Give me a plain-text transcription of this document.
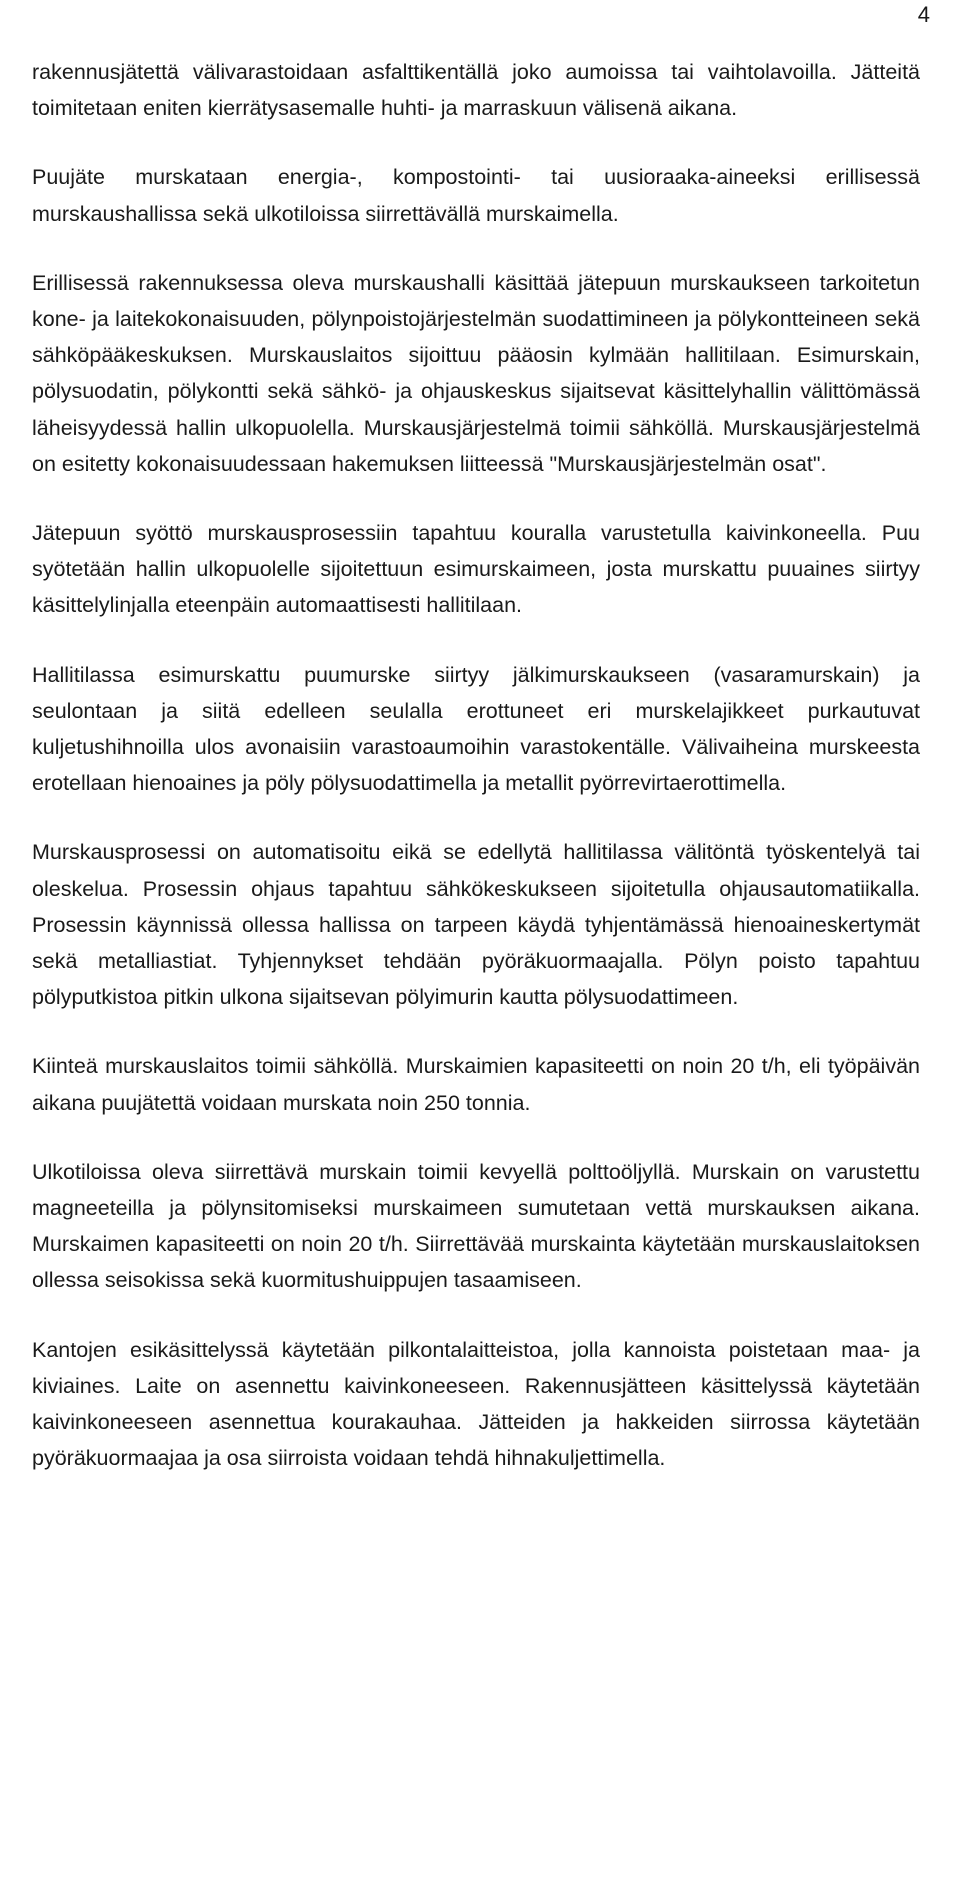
4

rakennusjätettä välivarastoidaan asfalttikentällä joko aumoissa tai vaihtolavoilla. Jätteitä toimitetaan eniten kierrätysasemalle huhti- ja marraskuun välisenä aikana.

Puujäte murskataan energia-, kompostointi- tai uusioraaka-aineeksi erillisessä murskaushallissa sekä ulkotiloissa siirrettävällä murskaimella.

Erillisessä rakennuksessa oleva murskaushalli käsittää jätepuun murskaukseen tarkoitetun kone- ja laitekokonaisuuden, pölynpoistojärjestelmän suodattimineen ja pölykontteineen sekä sähköpääkeskuksen. Murskauslaitos sijoittuu pääosin kylmään hallitilaan. Esimurskain, pölysuodatin, pölykontti sekä sähkö- ja ohjauskeskus sijaitsevat käsittelyhallin välittömässä läheisyydessä hallin ulkopuolella. Murskausjärjestelmä toimii sähköllä. Murskausjärjestelmä on esitetty kokonaisuudessaan hakemuksen liitteessä "Murskausjärjestelmän osat".

Jätepuun syöttö murskausprosessiin tapahtuu kouralla varustetulla kaivinkoneella. Puu syötetään hallin ulkopuolelle sijoitettuun esimurskaimeen, josta murskattu puuaines siirtyy käsittelylinjalla eteenpäin automaattisesti hallitilaan.

Hallitilassa esimurskattu puumurske siirtyy jälkimurskaukseen (vasaramurskain) ja seulontaan ja siitä edelleen seulalla erottuneet eri murskelajikkeet purkautuvat kuljetushihnoilla ulos avonaisiin varastoaumoihin varastokentälle. Välivaiheina murskeesta erotellaan hienoaines ja pöly pölysuodattimella ja metallit pyörrevirtaerottimella.

Murskausprosessi on automatisoitu eikä se edellytä hallitilassa välitöntä työskentelyä tai oleskelua. Prosessin ohjaus tapahtuu sähkökeskukseen sijoitetulla ohjausautomatiikalla. Prosessin käynnissä ollessa hallissa on tarpeen käydä tyhjentämässä hienoaineskertymät sekä metalliastiat. Tyhjennykset tehdään pyöräkuormaajalla. Pölyn poisto tapahtuu pölyputkistoa pitkin ulkona sijaitsevan pölyimurin kautta pölysuodattimeen.

Kiinteä murskauslaitos toimii sähköllä. Murskaimien kapasiteetti on noin 20 t/h, eli työpäivän aikana puujätettä voidaan murskata noin 250 tonnia.

Ulkotiloissa oleva siirrettävä murskain toimii kevyellä polttoöljyllä. Murskain on varustettu magneeteilla ja pölynsitomiseksi murskaimeen sumutetaan vettä murskauksen aikana. Murskaimen kapasiteetti on noin 20 t/h. Siirrettävää murskainta käytetään murskauslaitoksen ollessa seisokissa sekä kuormitushuippujen tasaamiseen.

Kantojen esikäsittelyssä käytetään pilkontalaitteistoa, jolla kannoista poistetaan maa- ja kiviaines. Laite on asennettu kaivinkoneeseen. Rakennusjätteen käsittelyssä käytetään kaivinkoneeseen asennettua kourakauhaa. Jätteiden ja hakkeiden siirrossa käytetään pyöräkuormaajaa ja osa siirroista voidaan tehdä hihnakuljettimella.
